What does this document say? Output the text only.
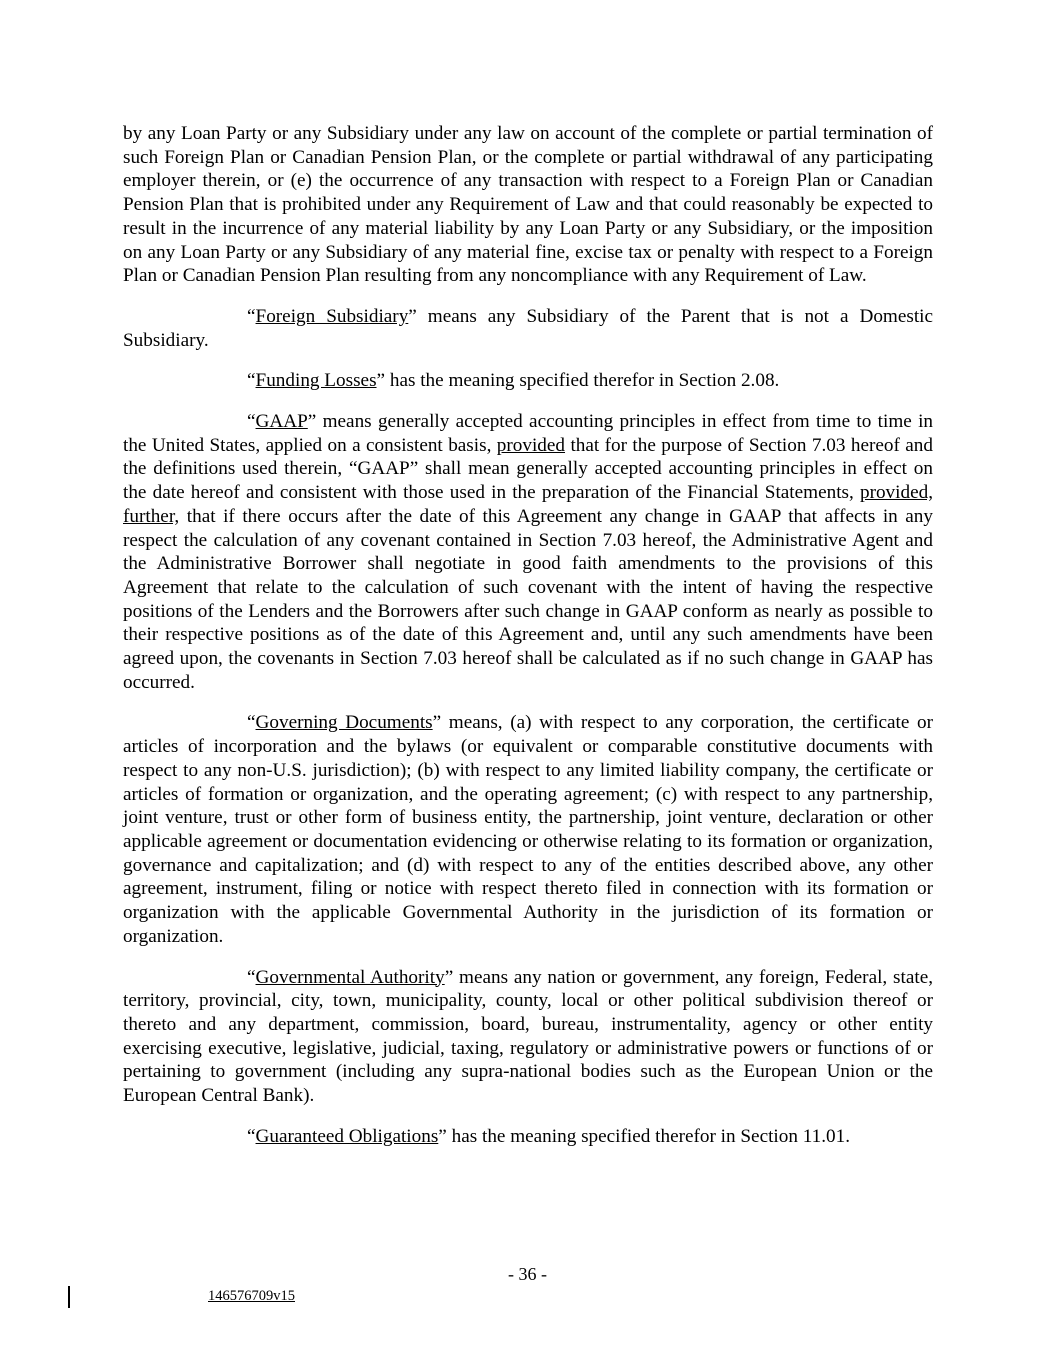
by any Loan Party or any Subsidiary under any law on account of the complete or partial termination of such Foreign Plan or Canadian Pension Plan, or the complete or partial withdrawal of any participating employer therein, or (e) the occurrence of any transaction with respect to a Foreign Plan or Canadian Pension Plan that is prohibited under any Requirement of Law and that could reasonably be expected to result in the incurrence of any material liability by any Loan Party or any Subsidiary, or the imposition on any Loan Party or any Subsidiary of any material fine, excise tax or penalty with respect to a Foreign Plan or Canadian Pension Plan resulting from any noncompliance with any Requirement of Law.

“Foreign Subsidiary” means any Subsidiary of the Parent that is not a Domestic Subsidiary.

“Funding Losses” has the meaning specified therefor in Section 2.08.

“GAAP” means generally accepted accounting principles in effect from time to time in the United States, applied on a consistent basis, provided that for the purpose of Section 7.03 hereof and the definitions used therein, “GAAP” shall mean generally accepted accounting principles in effect on the date hereof and consistent with those used in the preparation of the Financial Statements, provided, further, that if there occurs after the date of this Agreement any change in GAAP that affects in any respect the calculation of any covenant contained in Section 7.03 hereof, the Administrative Agent and the Administrative Borrower shall negotiate in good faith amendments to the provisions of this Agreement that relate to the calculation of such covenant with the intent of having the respective positions of the Lenders and the Borrowers after such change in GAAP conform as nearly as possible to their respective positions as of the date of this Agreement and, until any such amendments have been agreed upon, the covenants in Section 7.03 hereof shall be calculated as if no such change in GAAP has occurred.

“Governing Documents” means, (a) with respect to any corporation, the certificate or articles of incorporation and the bylaws (or equivalent or comparable constitutive documents with respect to any non-U.S. jurisdiction); (b) with respect to any limited liability company, the certificate or articles of formation or organization, and the operating agreement; (c) with respect to any partnership, joint venture, trust or other form of business entity, the partnership, joint venture, declaration or other applicable agreement or documentation evidencing or otherwise relating to its formation or organization, governance and capitalization; and (d) with respect to any of the entities described above, any other agreement, instrument, filing or notice with respect thereto filed in connection with its formation or organization with the applicable Governmental Authority in the jurisdiction of its formation or organization.

“Governmental Authority” means any nation or government, any foreign, Federal, state, territory, provincial, city, town, municipality, county, local or other political subdivision thereof or thereto and any department, commission, board, bureau, instrumentality, agency or other entity exercising executive, legislative, judicial, taxing, regulatory or administrative powers or functions of or pertaining to government (including any supra-national bodies such as the European Union or the European Central Bank).

“Guaranteed Obligations” has the meaning specified therefor in Section 11.01.

- 36 -
146576709v15
